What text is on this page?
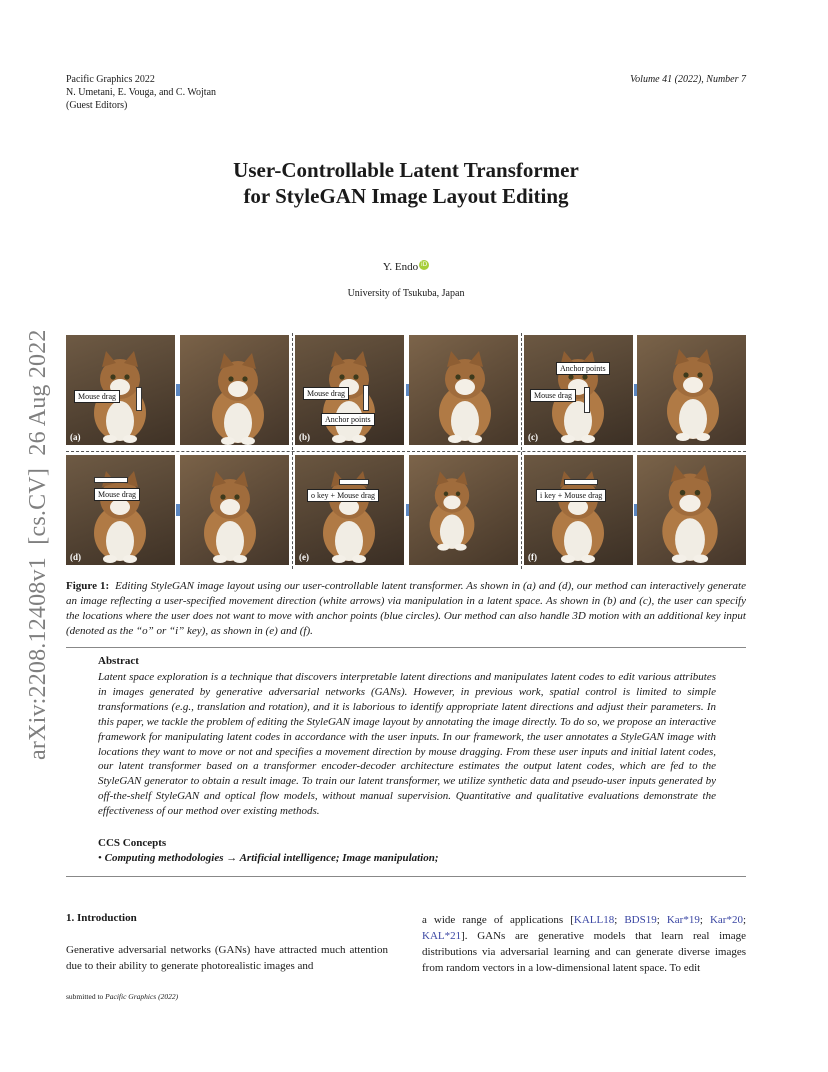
Pacific Graphics 2022
N. Umetani, E. Vouga, and C. Wojtan
(Guest Editors)
Volume 41 (2022), Number 7
User-Controllable Latent Transformer
for StyleGAN Image Layout Editing
Y. Endo iD
University of Tsukuba, Japan
arXiv:2208.12408v1  [cs.CV]  26 Aug 2022	Mouse drag
(a)
Mouse drag
Anchor points
(b)
Anchor points
Mouse drag
(c)
Mouse drag
(d)
o key + Mouse drag
(e)
i key + Mouse drag
(f)
Figure 1: Editing StyleGAN image layout using our user-controllable latent transformer. As shown in (a) and (d), our method can interactively generate an image reflecting a user-specified movement direction (white arrows) via manipulation in a latent space. As shown in (b) and (c), the user can specify the locations where the user does not want to move with anchor points (blue circles). Our method can also handle 3D motion with an additional key input (denoted as the “o” or “i” key), as shown in (e) and (f).
Abstract
Latent space exploration is a technique that discovers interpretable latent directions and manipulates latent codes to edit various attributes in images generated by generative adversarial networks (GANs). However, in previous work, spatial control is limited to simple transformations (e.g., translation and rotation), and it is laborious to identify appropriate latent directions and adjust their parameters. In this paper, we tackle the problem of editing the StyleGAN image layout by annotating the image directly. To do so, we propose an interactive framework for manipulating latent codes in accordance with the user inputs. In our framework, the user annotates a StyleGAN image with locations they want to move or not and specifies a movement direction by mouse dragging. From these user inputs and initial latent codes, our latent transformer based on a transformer encoder-decoder architecture estimates the output latent codes, which are fed to the StyleGAN generator to obtain a result image. To train our latent transformer, we utilize synthetic data and pseudo-user inputs generated by off-the-shelf StyleGAN and optical flow models, without manual supervision. Quantitative and qualitative evaluations demonstrate the effectiveness of our method over existing methods.
CCS Concepts
• Computing methodologies → Artificial intelligence; Image manipulation;
1. Introduction
Generative adversarial networks (GANs) have attracted much attention due to their ability to generate photorealistic images and
a wide range of applications [KALL18; BDS19; Kar*19; Kar*20; KAL*21]. GANs are generative models that learn real image distributions via adversarial learning and can generate diverse images from random vectors in a low-dimensional latent space. To edit
submitted to Pacific Graphics (2022)
